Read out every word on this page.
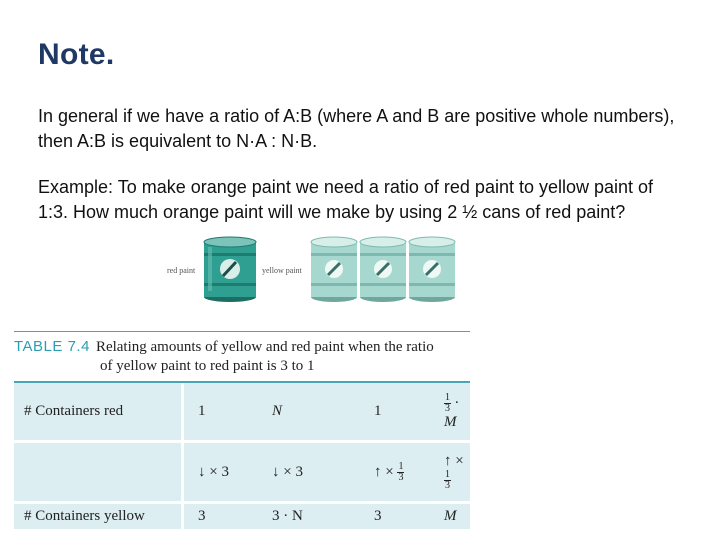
Note.

In general if we have a ratio of A:B (where A and B are positive whole numbers), then A:B is equivalent to N·A : N·B.

Example: To make orange paint we need a ratio of red paint to yellow paint of 1:3. How much orange paint will we make by using 2 ½ cans of red paint?

red paint	yellow paint
TABLE 7.4 Relating amounts of yellow and red paint when the ratio
of yellow paint to red paint is 3 to 1
# Containers red	1	N	1	$\frac{1}{3} \cdot M$
	↓ × 3	↓ × 3	↑ × $\frac{1}{3}$	↑ ×
$\frac{1}{3}$

# Containers yellow	3	3 · N	3	M
